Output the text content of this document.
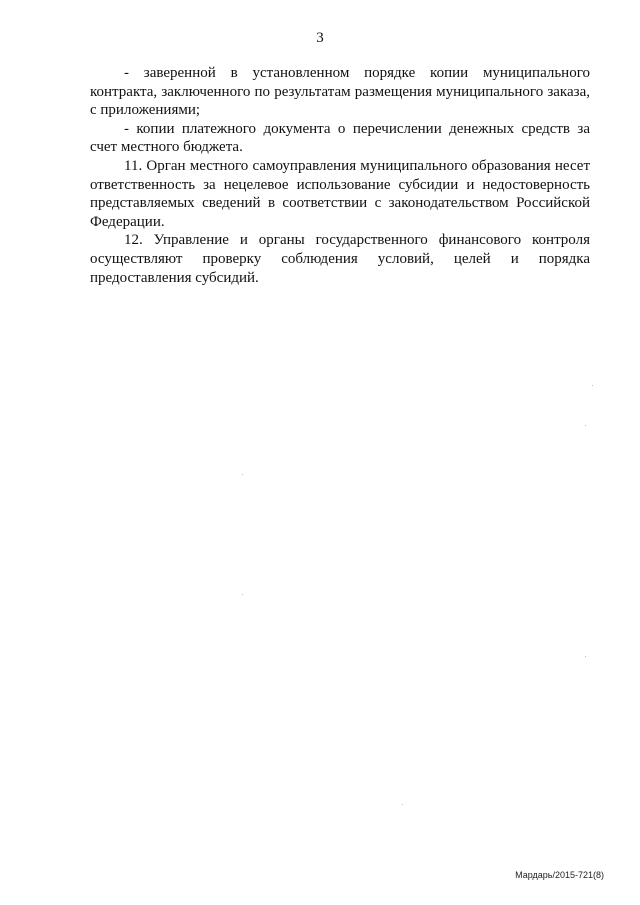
3

- заверенной в установленном порядке копии муниципального контракта, заключенного по результатам размещения муниципального заказа, с приложениями;

- копии платежного документа о перечислении денежных средств за счет местного бюджета.

11. Орган местного самоуправления муниципального образования несет ответственность за нецелевое использование субсидии и недостоверность представляемых сведений в соответствии с законодательством Российской Федерации.

12. Управление и органы государственного финансового контроля осуществляют проверку соблюдения условий, целей и порядка предоставления субсидий.

Мардарь/2015-721(8)
